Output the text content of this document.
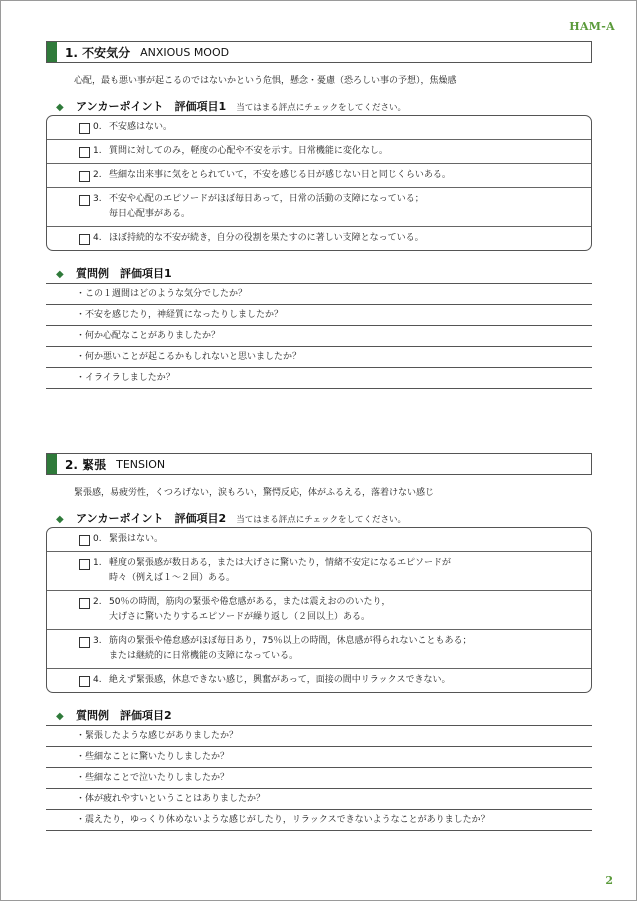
HAM-A
1. 不安気分 ANXIOUS MOOD
心配，最も悪い事が起こるのではないかという危惧，懸念・憂慮（恐ろしい事の予想），焦燥感
◆	アンカーポイント　評価項目1 当てはまる評点にチェックをしてください。
0. 不安感はない。
1. 質問に対してのみ，軽度の心配や不安を示す。日常機能に変化なし。
2. 些細な出来事に気をとられていて，不安を感じる日が感じない日と同じくらいある。
3. 不安や心配のエピソードがほぼ毎日あって，日常の活動の支障になっている；
毎日心配事がある。
4. ほぼ持続的な不安が続き，自分の役割を果たすのに著しい支障となっている。
◆	質問例　評価項目1
・この１週間はどのような気分でしたか？
・不安を感じたり，神経質になったりしましたか？
・何か心配なことがありましたか？
・何か悪いことが起こるかもしれないと思いましたか？
・イライラしましたか？
2. 緊張 TENSION
緊張感，易疲労性，くつろげない，涙もろい，驚愕反応，体がふるえる，落着けない感じ
◆	アンカーポイント　評価項目2 当てはまる評点にチェックをしてください。
0. 緊張はない。
1. 軽度の緊張感が数日ある，または大げさに驚いたり，情緒不安定になるエピソードが
時々（例えば１～２回）ある。
2. 50％の時間，筋肉の緊張や倦怠感がある，または震えおののいたり，
大げさに驚いたりするエピソードが繰り返し（２回以上）ある。
3. 筋肉の緊張や倦怠感がほぼ毎日あり，75％以上の時間，休息感が得られないこともある；
または継続的に日常機能の支障になっている。
4. 絶えず緊張感，休息できない感じ，興奮があって，面接の間中リラックスできない。
◆	質問例　評価項目2
・緊張したような感じがありましたか？
・些細なことに驚いたりしましたか？
・些細なことで泣いたりしましたか？
・体が疲れやすいということはありましたか？
・震えたり，ゆっくり休めないような感じがしたり，リラックスできないようなことがありましたか？
2
